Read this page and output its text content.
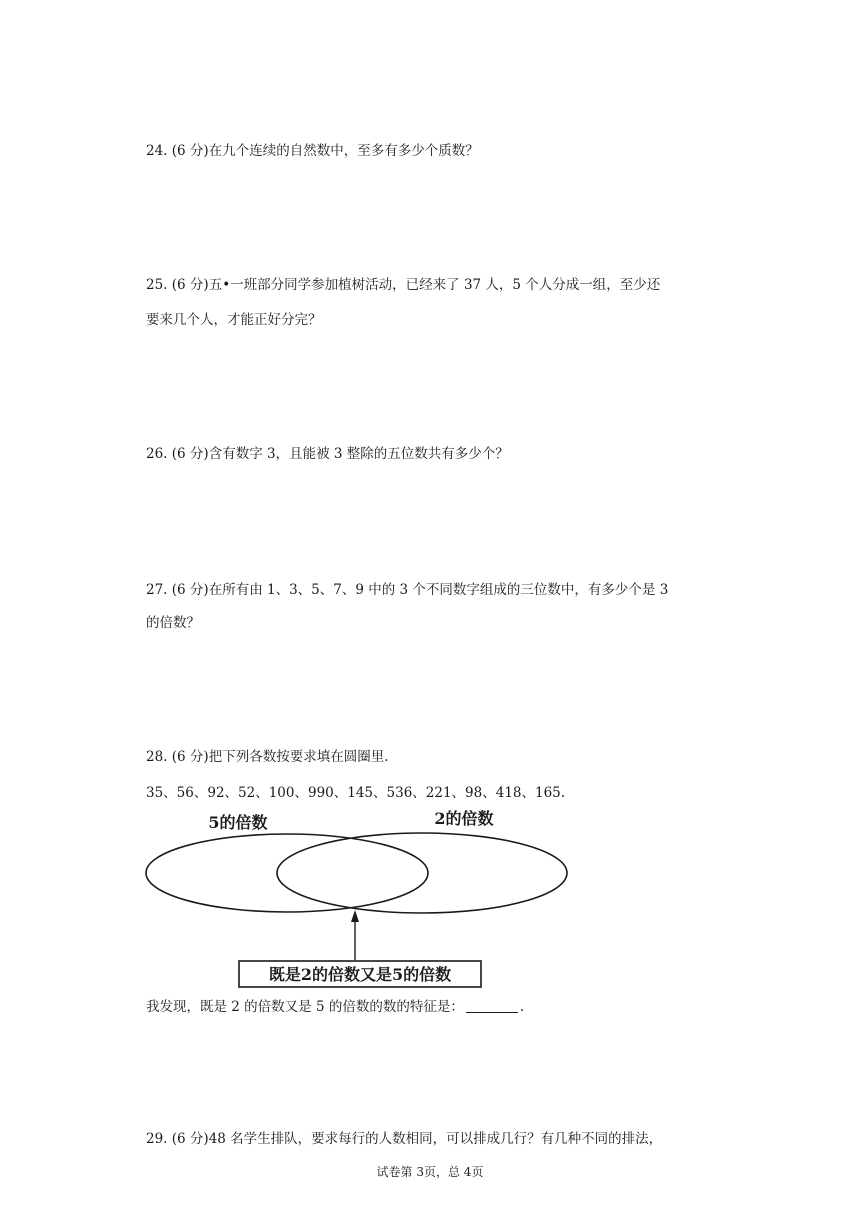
24. (6 分)在九个连续的自然数中，至多有多少个质数？
25. (6 分)五•一班部分同学参加植树活动，已经来了 37 人，5 个人分成一组，至少还
要来几个人，才能正好分完？
26. (6 分)含有数字 3，且能被 3 整除的五位数共有多少个？
27. (6 分)在所有由 1、3、5、7、9 中的 3 个不同数字组成的三位数中，有多少个是 3
的倍数？
28. (6 分)把下列各数按要求填在圆圈里.
35、56、92、52、100、990、145、536、221、98、418、165.
5的倍数	2的倍数
既是2的倍数又是5的倍数
我发现，既是 2 的倍数又是 5 的倍数的数的特征是：	.
29. (6 分)48 名学生排队，要求每行的人数相同，可以排成几行？有几种不同的排法，
试卷第 3页，总 4页
